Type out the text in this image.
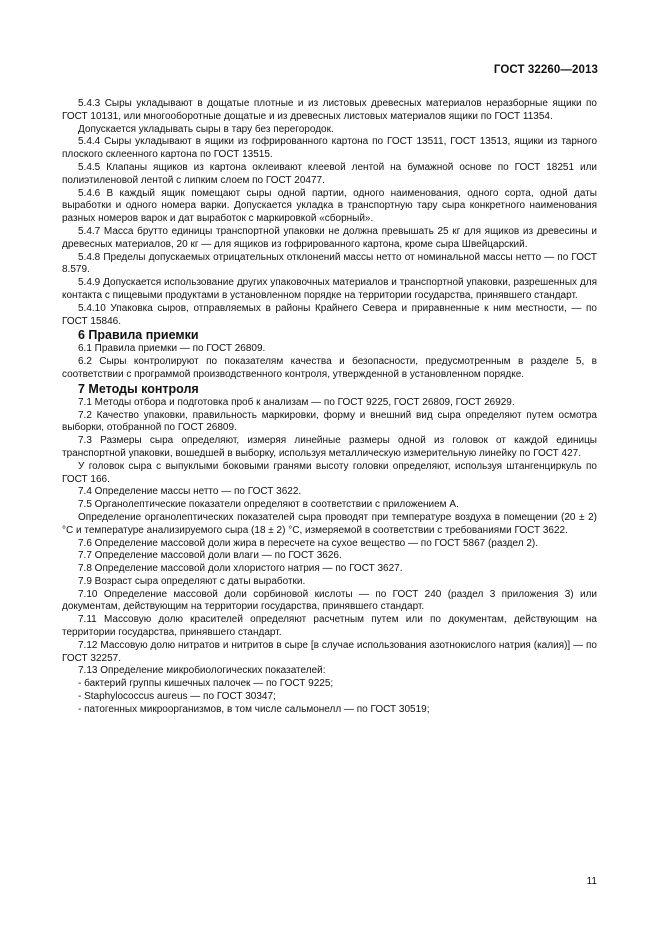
ГОСТ 32260—2013

5.4.3 Сыры укладывают в дощатые плотные и из листовых древесных материалов неразборные ящики по ГОСТ 10131, или многооборотные дощатые и из древесных листовых материалов ящики по ГОСТ 11354.

Допускается укладывать сыры в тару без перегородок.

5.4.4 Сыры укладывают в ящики из гофрированного картона по ГОСТ 13511, ГОСТ 13513, ящики из тарного плоского склеенного картона по ГОСТ 13515.

5.4.5 Клапаны ящиков из картона оклеивают клеевой лентой на бумажной основе по ГОСТ 18251 или полиэтиленовой лентой с липким слоем по ГОСТ 20477.

5.4.6 В каждый ящик помещают сыры одной партии, одного наименования, одного сорта, одной даты выработки и одного номера варки. Допускается укладка в транспортную тару сыра конкретного наименования разных номеров варок и дат выработок с маркировкой «сборный».

5.4.7 Масса брутто единицы транспортной упаковки не должна превышать 25 кг для ящиков из древесины и древесных материалов, 20 кг — для ящиков из гофрированного картона, кроме сыра Швейцарский.

5.4.8 Пределы допускаемых отрицательных отклонений массы нетто от номинальной массы нетто — по ГОСТ 8.579.

5.4.9 Допускается использование других упаковочных материалов и транспортной упаковки, разрешенных для контакта с пищевыми продуктами в установленном порядке на территории государства, принявшего стандарт.

5.4.10 Упаковка сыров, отправляемых в районы Крайнего Севера и приравненные к ним местности, — по ГОСТ 15846.

6 Правила приемки

6.1 Правила приемки — по ГОСТ 26809.

6.2 Сыры контролируют по показателям качества и безопасности, предусмотренным в разделе 5, в соответствии с программой производственного контроля, утвержденной в установленном порядке.

7 Методы контроля

7.1 Методы отбора и подготовка проб к анализам — по ГОСТ 9225, ГОСТ 26809, ГОСТ 26929.

7.2 Качество упаковки, правильность маркировки, форму и внешний вид сыра определяют путем осмотра выборки, отобранной по ГОСТ 26809.

7.3 Размеры сыра определяют, измеряя линейные размеры одной из головок от каждой единицы транспортной упаковки, вошедшей в выборку, используя металлическую измерительную линейку по ГОСТ 427.

У головок сыра с выпуклыми боковыми гранями высоту головки определяют, используя штангенциркуль по ГОСТ 166.

7.4 Определение массы нетто — по ГОСТ 3622.

7.5 Органолептические показатели определяют в соответствии с приложением А.

Определение органолептических показателей сыра проводят при температуре воздуха в помещении (20 ± 2) °С и температуре анализируемого сыра (18 ± 2) °С, измеряемой в соответствии с требованиями ГОСТ 3622.

7.6 Определение массовой доли жира в пересчете на сухое вещество — по ГОСТ 5867 (раздел 2).

7.7 Определение массовой доли влаги — по ГОСТ 3626.

7.8 Определение массовой доли хлористого натрия — по ГОСТ 3627.

7.9 Возраст сыра определяют с даты выработки.

7.10 Определение массовой доли сорбиновой кислоты — по ГОСТ 240 (раздел 3 приложения 3) или документам, действующим на территории государства, принявшего стандарт.

7.11 Массовую долю красителей определяют расчетным путем или по документам, действующим на территории государства, принявшего стандарт.

7.12 Массовую долю нитратов и нитритов в сыре [в случае использования азотнокислого натрия (калия)] — по ГОСТ 32257.

7.13 Определение микробиологических показателей:

- бактерий группы кишечных палочек — по ГОСТ 9225;

- Staphylococcus aureus — по ГОСТ 30347;

- патогенных микроорганизмов, в том числе сальмонелл — по ГОСТ 30519;

11
